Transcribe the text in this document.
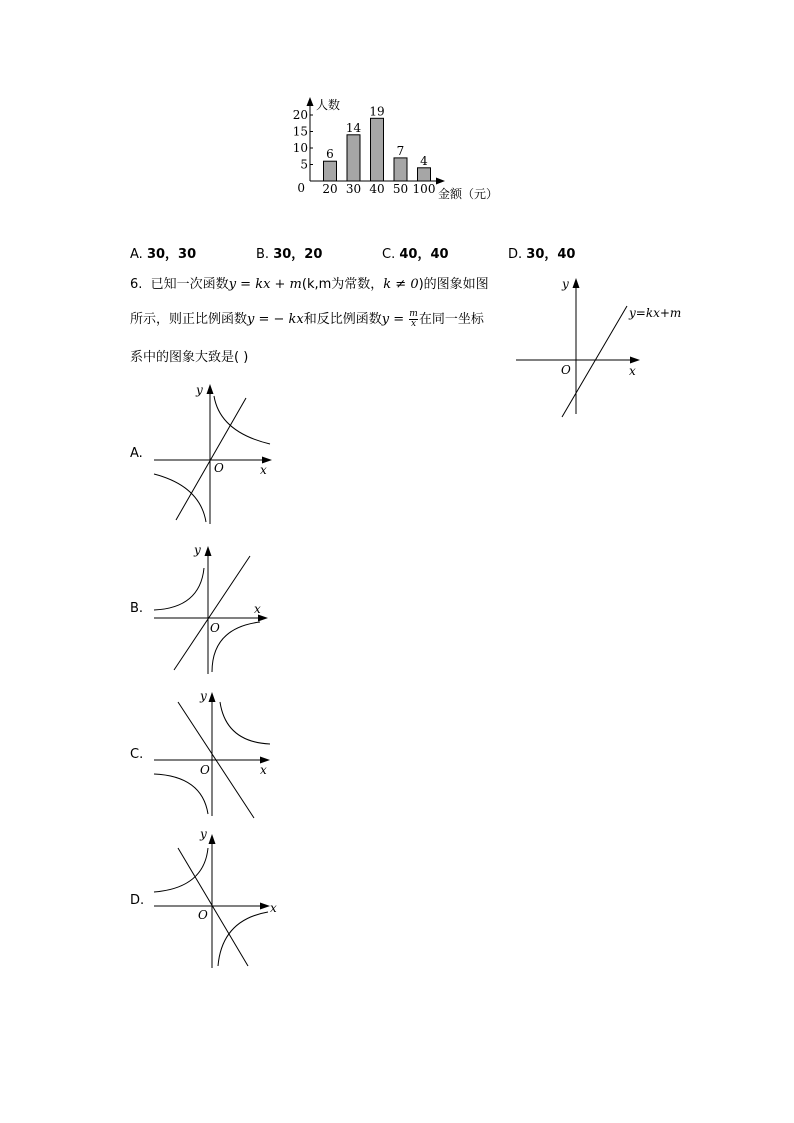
6
14
19
7
4
人数
金额（元）
0
5
10
15
20
20 30 40 50 100
A. 30，30	B. 30，20	C. 40，40	D. 30，40
6. 已知一次函数y = kx + m(k,m为常数，k ≠ 0)的图象如图
所示，则正比例函数y = − kx和反比例函数$y = \frac{m}{x}$ 在同一坐标
系中的图象大致是( )
y
x
O
y=kx+m
A.
y
x
O
B.
y
x
O
C.
y
x
O
D.
y
x
O
